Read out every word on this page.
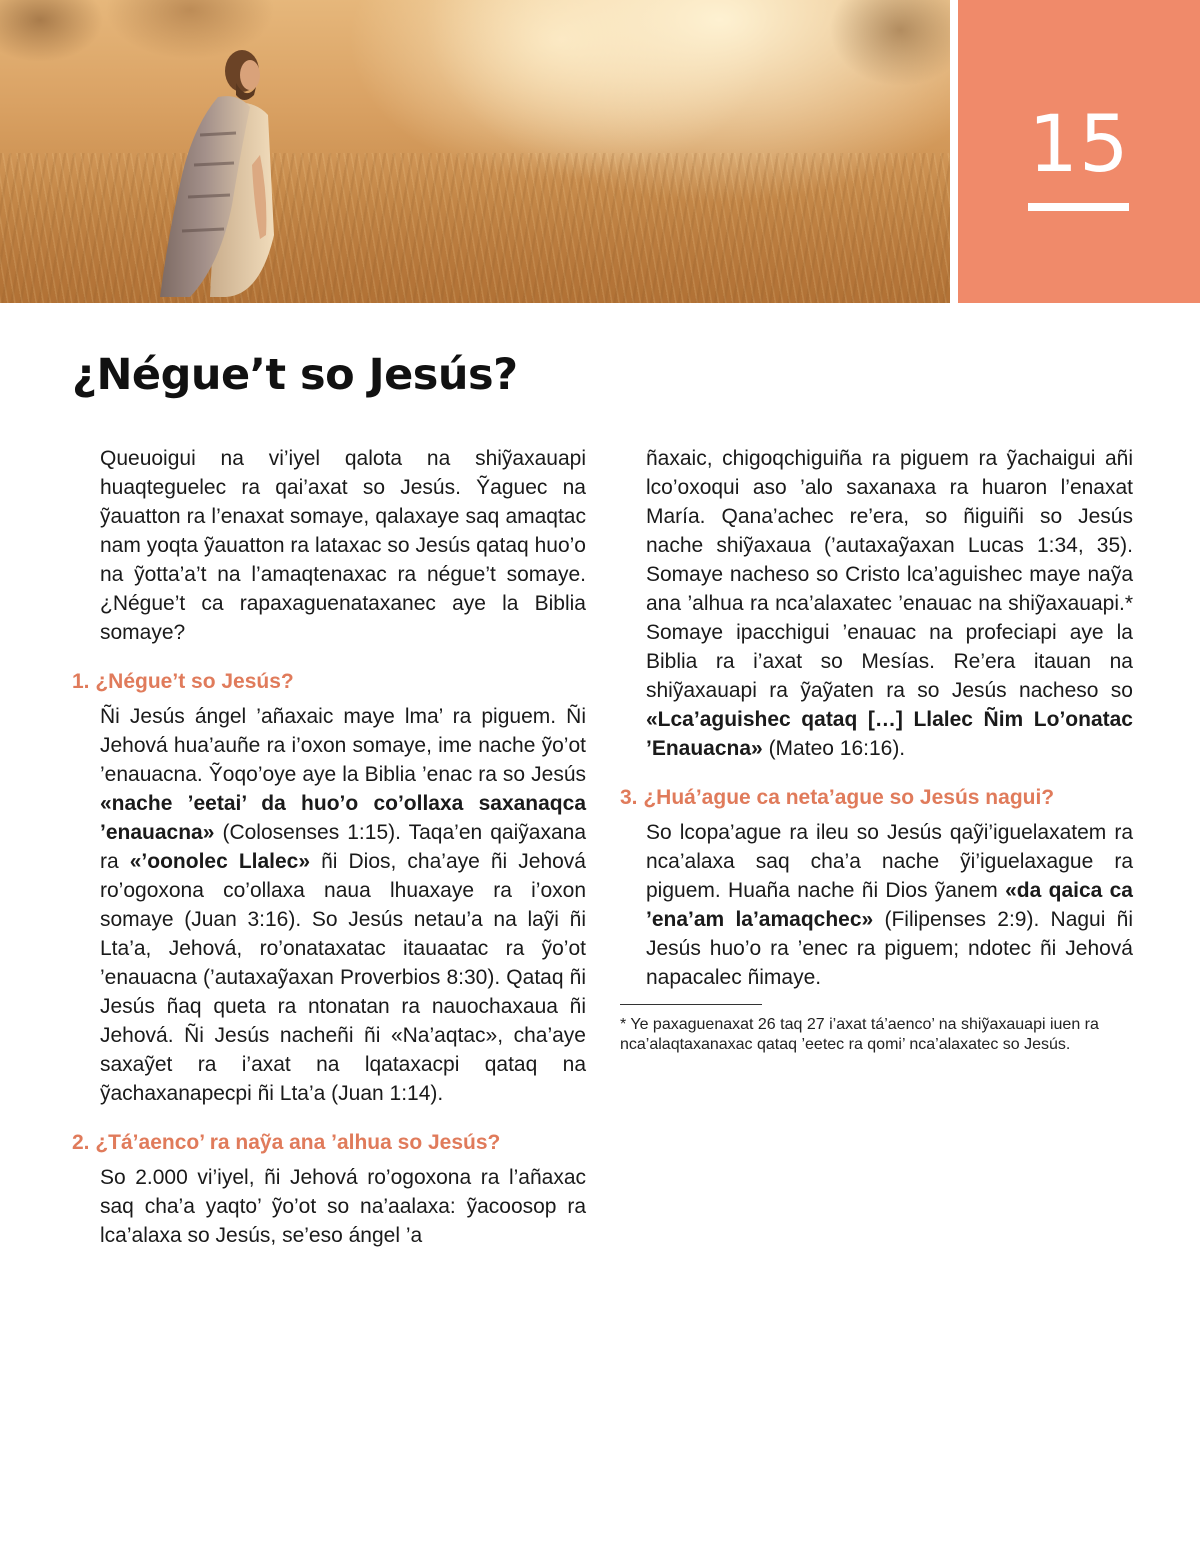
15
¿Négue’t so Jesús?

Queuoigui na vi’iyel qalota na shiỹaxauapi huaqteguelec ra qai’axat so Jesús. Ỹaguec na ỹauatton ra l’enaxat somaye, qalaxaye saq amaqtac nam yoqta ỹauatton ra lataxac so Jesús qataq huo’o na ỹotta’a’t na l’amaqtenaxac ra négue’t somaye. ¿Négue’t ca rapaxaguenataxanec aye la Biblia somaye?

1. ¿Négue’t so Jesús?

Ñi Jesús ángel ’añaxaic maye lma’ ra piguem. Ñi Jehová hua’auñe ra i’oxon somaye, ime nache ỹo’ot ’enauacna. Ỹoqo’oye aye la Biblia ’enac ra so Jesús «nache ’eetai’ da huo’o co’ollaxa saxanaqca ’enauacna» (Colosenses 1:15). Taqa’en qaiỹaxana ra «’oonolec Llalec» ñi Dios, cha’aye ñi Jehová ro’ogoxona co’ollaxa naua lhuaxaye ra i’oxon somaye (Juan 3:16). So Jesús netau’a na laỹi ñi Lta’a, Jehová, ro’onataxatac itauaatac ra ỹo’ot ’enauacna (’autaxaỹaxan Proverbios 8:30). Qataq ñi Jesús ñaq queta ra ntonatan ra nauochaxaua ñi Jehová. Ñi Jesús nacheñi ñi «Na’aqtac», cha’aye saxaỹet ra i’axat na lqataxacpi qataq na ỹachaxanapecpi ñi Lta’a (Juan 1:14).

2. ¿Tá’aenco’ ra naỹa ana ’alhua so Jesús?

So 2.000 vi’iyel, ñi Jehová ro’ogoxona ra l’añaxac saq cha’a yaqto’ ỹo’ot so na’aalaxa: ỹacoosop ra lca’alaxa so Jesús, se’eso ángel ’a

ñaxaic, chigoqchiguiña ra piguem ra ỹachaigui añi lco’oxoqui aso ’alo saxanaxa ra huaron l’enaxat María. Qana’achec re’era, so ñiguiñi so Jesús nache shiỹaxaua (’autaxaỹaxan Lucas 1:34, 35). Somaye nacheso so Cristo lca’aguishec maye naỹa ana ’alhua ra nca’alaxatec ’enauac na shiỹaxauapi.* Somaye ipacchigui ’enauac na profeciapi aye la Biblia ra i’axat so Mesías. Re’era itauan na shiỹaxauapi ra ỹaỹaten ra so Jesús nacheso so «Lca’aguishec qataq […] Llalec Ñim Lo’onatac ’Enauacna» (Mateo 16:16).

3. ¿Huá’ague ca neta’ague so Jesús nagui?

So lcopa’ague ra ileu so Jesús qaỹi’iguelaxatem ra nca’alaxa saq cha’a nache ỹi’iguelaxague ra piguem. Huaña nache ñi Dios ỹanem «da qaica ca ’ena’am la’amaqchec» (Filipenses 2:9). Nagui ñi Jesús huo’o ra ’enec ra piguem; ndotec ñi Jehová napacalec ñimaye.

* Ye paxaguenaxat 26 taq 27 i’axat tá’aenco’ na shiỹaxauapi iuen ra nca’alaqtaxanaxac qataq ’eetec ra qomi’ nca’alaxatec so Jesús.
